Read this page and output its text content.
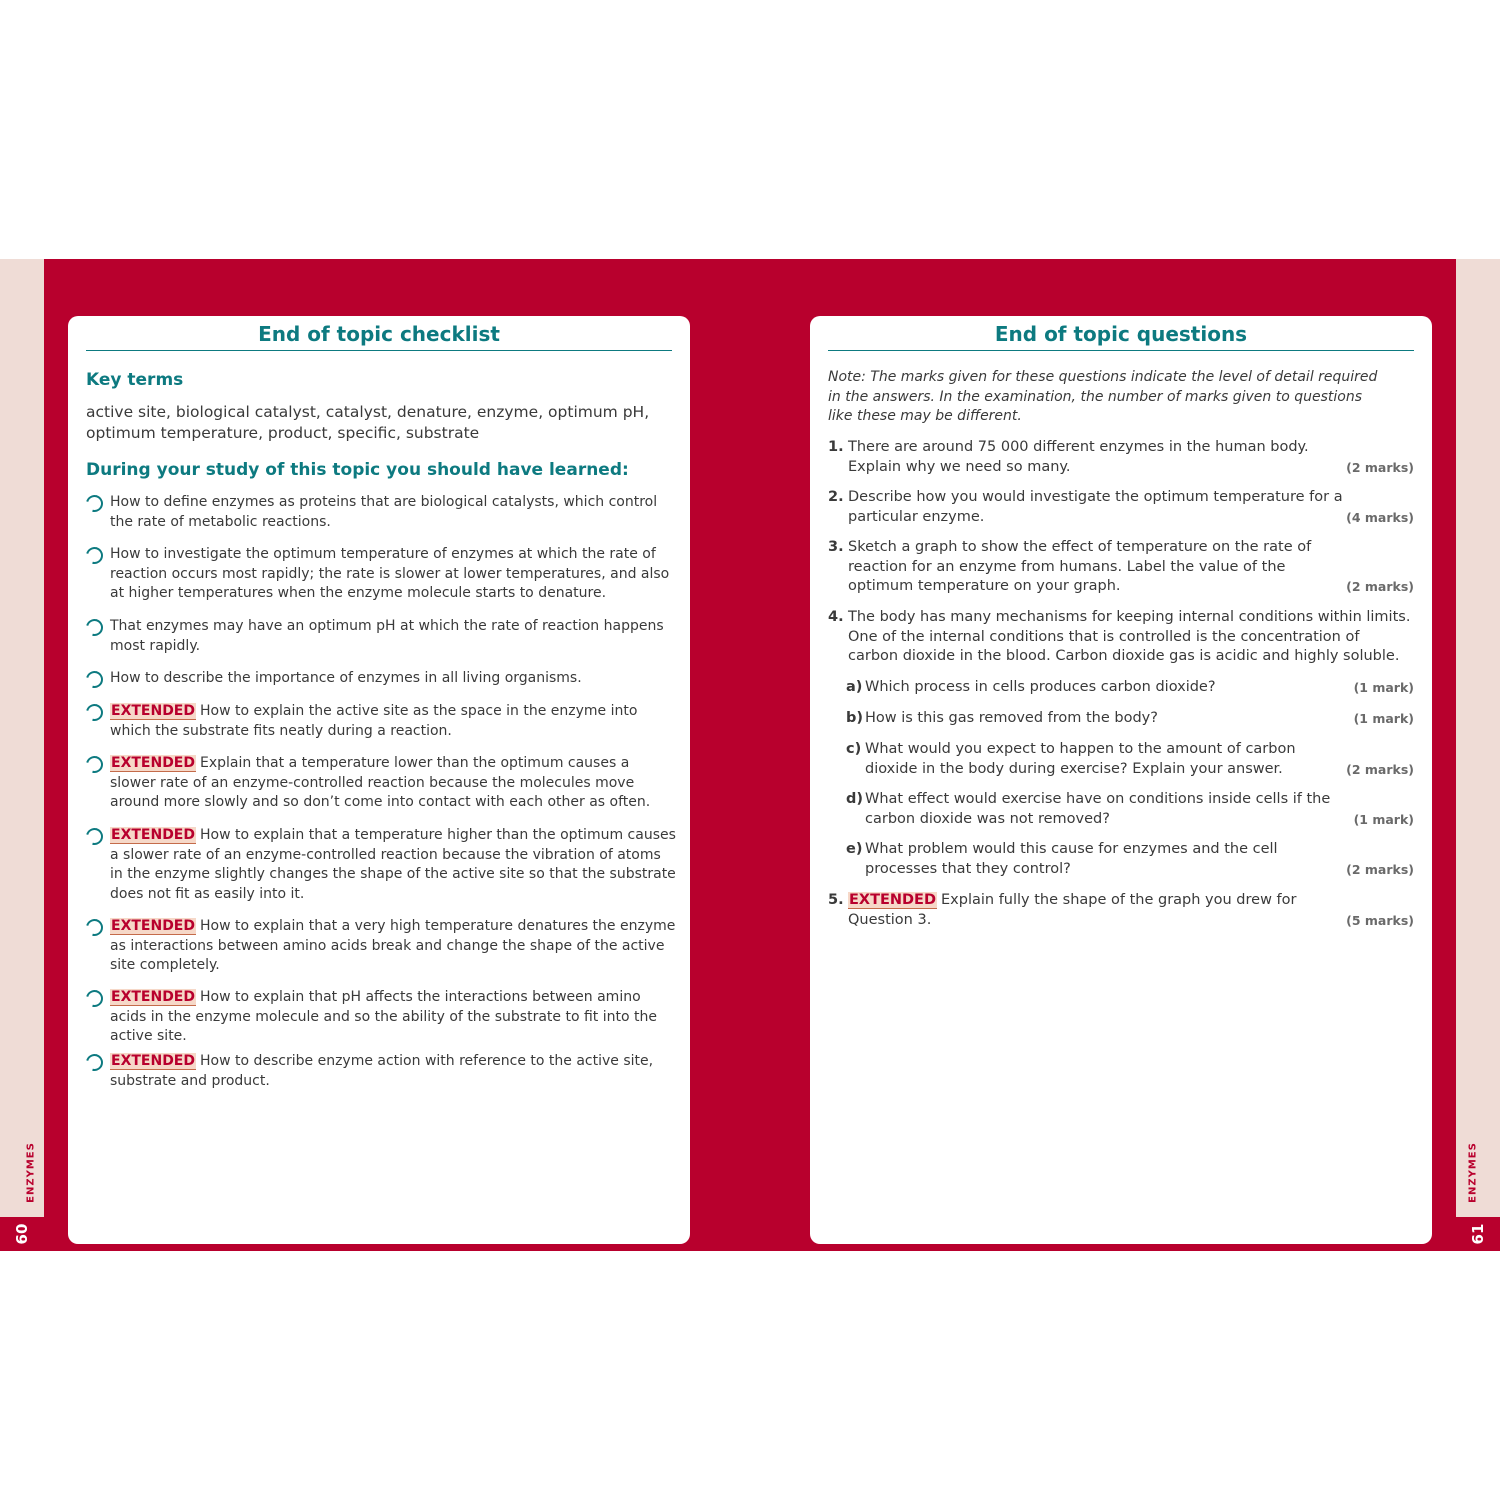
ENZYMES	ENZYMES
60	61
End of topic checklist
Key terms
active site, biological catalyst, catalyst, denature, enzyme, optimum pH, optimum temperature, product, specific, substrate
During your study of this topic you should have learned:
How to define enzymes as proteins that are biological catalysts, which control the rate of metabolic reactions.
How to investigate the optimum temperature of enzymes at which the rate of reaction occurs most rapidly; the rate is slower at lower temperatures, and also at higher temperatures when the enzyme molecule starts to denature.
That enzymes may have an optimum pH at which the rate of reaction happens most rapidly.
How to describe the importance of enzymes in all living organisms.
EXTENDED How to explain the active site as the space in the enzyme into which the substrate fits neatly during a reaction.
EXTENDED Explain that a temperature lower than the optimum causes a slower rate of an enzyme-controlled reaction because the molecules move around more slowly and so don’t come into contact with each other as often.
EXTENDED How to explain that a temperature higher than the optimum causes a slower rate of an enzyme-controlled reaction because the vibration of atoms in the enzyme slightly changes the shape of the active site so that the substrate does not fit as easily into it.
EXTENDED How to explain that a very high temperature denatures the enzyme as interactions between amino acids break and change the shape of the active site completely.
EXTENDED How to explain that pH affects the interactions between amino acids in the enzyme molecule and so the ability of the substrate to fit into the active site.
EXTENDED How to describe enzyme action with reference to the active site, substrate and product.
End of topic questions
Note: The marks given for these questions indicate the level of detail required in the answers. In the examination, the number of marks given to questions like these may be different.
1. There are around 75 000 different enzymes in the human body. Explain why we need so many.	(2 marks)
2. Describe how you would investigate the optimum temperature for a particular enzyme.	(4 marks)
3. Sketch a graph to show the effect of temperature on the rate of reaction for an enzyme from humans. Label the value of the optimum temperature on your graph.	(2 marks)
4. The body has many mechanisms for keeping internal conditions within limits. One of the internal conditions that is controlled is the concentration of carbon dioxide in the blood. Carbon dioxide gas is acidic and highly soluble.
a) Which process in cells produces carbon dioxide?	(1 mark)
b) How is this gas removed from the body?	(1 mark)
c) What would you expect to happen to the amount of carbon dioxide in the body during exercise? Explain your answer.	(2 marks)
d) What effect would exercise have on conditions inside cells if the carbon dioxide was not removed?	(1 mark)
e) What problem would this cause for enzymes and the cell processes that they control?	(2 marks)
5. EXTENDED Explain fully the shape of the graph you drew for Question 3.	(5 marks)
